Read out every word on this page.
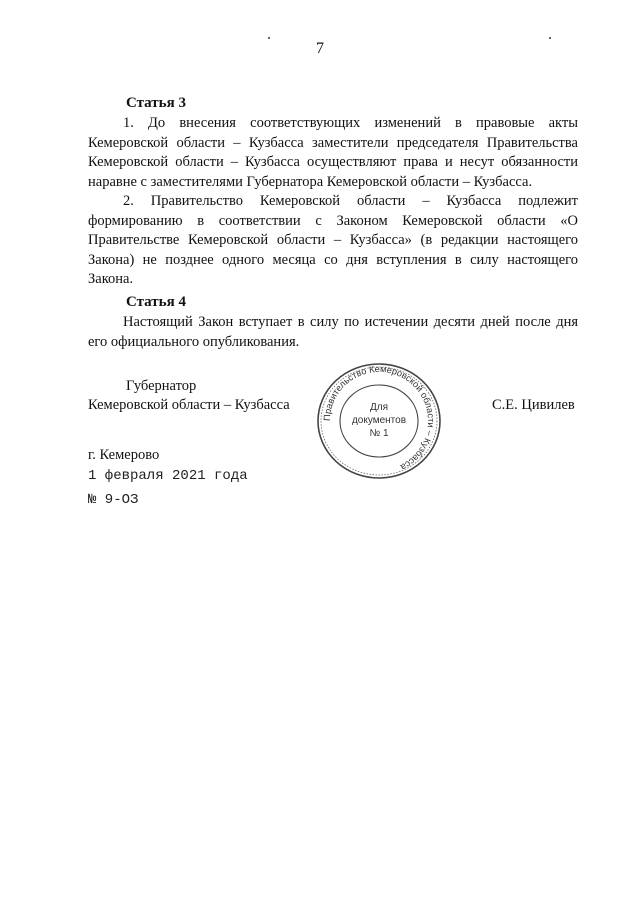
7
Статья 3

1. До внесения соответствующих изменений в правовые акты Кемеровской области – Кузбасса заместители председателя Правительства Кемеровской области – Кузбасса осуществляют права и несут обязанности наравне с заместителями Губернатора Кемеровской области – Кузбасса.

2. Правительство Кемеровской области – Кузбасса подлежит формированию в соответствии с Законом Кемеровской области «О Правительстве Кемеровской области – Кузбасса» (в редакции настоящего Закона) не позднее одного месяца со дня вступления в силу настоящего Закона.

Статья 4

Настоящий Закон вступает в силу по истечении десяти дней после дня его официального опубликования.

Губернатор
Кемеровской области – Кузбасса	С.Е. Цивилев
Правительство Кемеровской области – Кузбасса
Для
документов
№ 1
г. Кемерово
1 февраля 2021 года
№ 9-ОЗ
